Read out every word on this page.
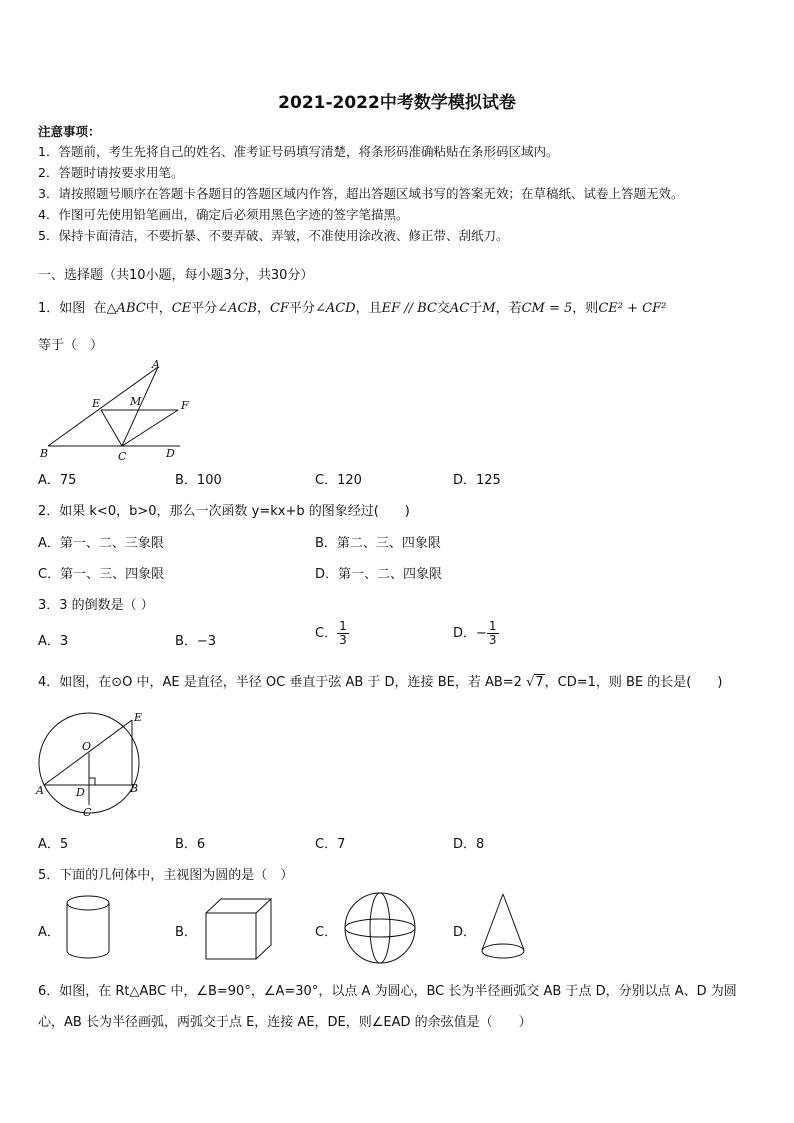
2021-2022中考数学模拟试卷
注意事项：
1．答题前，考生先将自己的姓名、准考证号码填写清楚，将条形码准确粘贴在条形码区域内。
2．答题时请按要求用笔。
3．请按照题号顺序在答题卡各题目的答题区域内作答，超出答题区域书写的答案无效；在草稿纸、试卷上答题无效。
4．作图可先使用铅笔画出，确定后必须用黑色字迹的签字笔描黑。
5．保持卡面清洁，不要折暴、不要弄破、弄皱，不准使用涂改液、修正带、刮纸刀。
一、选择题（共10小题，每小题3分，共30分）
1．如图 在△ABC中，CE平分∠ACB，CF平分∠ACD，且EF // BC交AC于M，若CM = 5，则CE² + CF²
等于（　）
A
E	M	F
B	C	D
A．75	B．100	C．120	D．125
2．如果 k<0，b>0，那么一次函数 y=kx+b 的图象经过(　　)
A．第一、二、三象限	B．第二、三、四象限
C．第一、三、四象限	D．第一、二、四象限
3．3 的倒数是（ ）
A．3	B．−3
C． $\frac{1}{3}$	D．− $\frac{1}{3}$
4．如图，在⊙O 中，AE 是直径，半径 OC 垂直于弦 AB 于 D，连接 BE，若 AB=2 √7，CD=1，则 BE 的长是(　　)
E
O
A	D	B
C
A．5	B．6	C．7	D．8
5．下面的几何体中，主视图为圆的是（　）
A．	B．	C．	D．
6．如图，在 Rt△ABC 中，∠B=90°，∠A=30°，以点 A 为圆心，BC 长为半径画弧交 AB 于点 D，分别以点 A、D 为圆
心，AB 长为半径画弧，两弧交于点 E，连接 AE，DE，则∠EAD 的余弦值是（　　）
